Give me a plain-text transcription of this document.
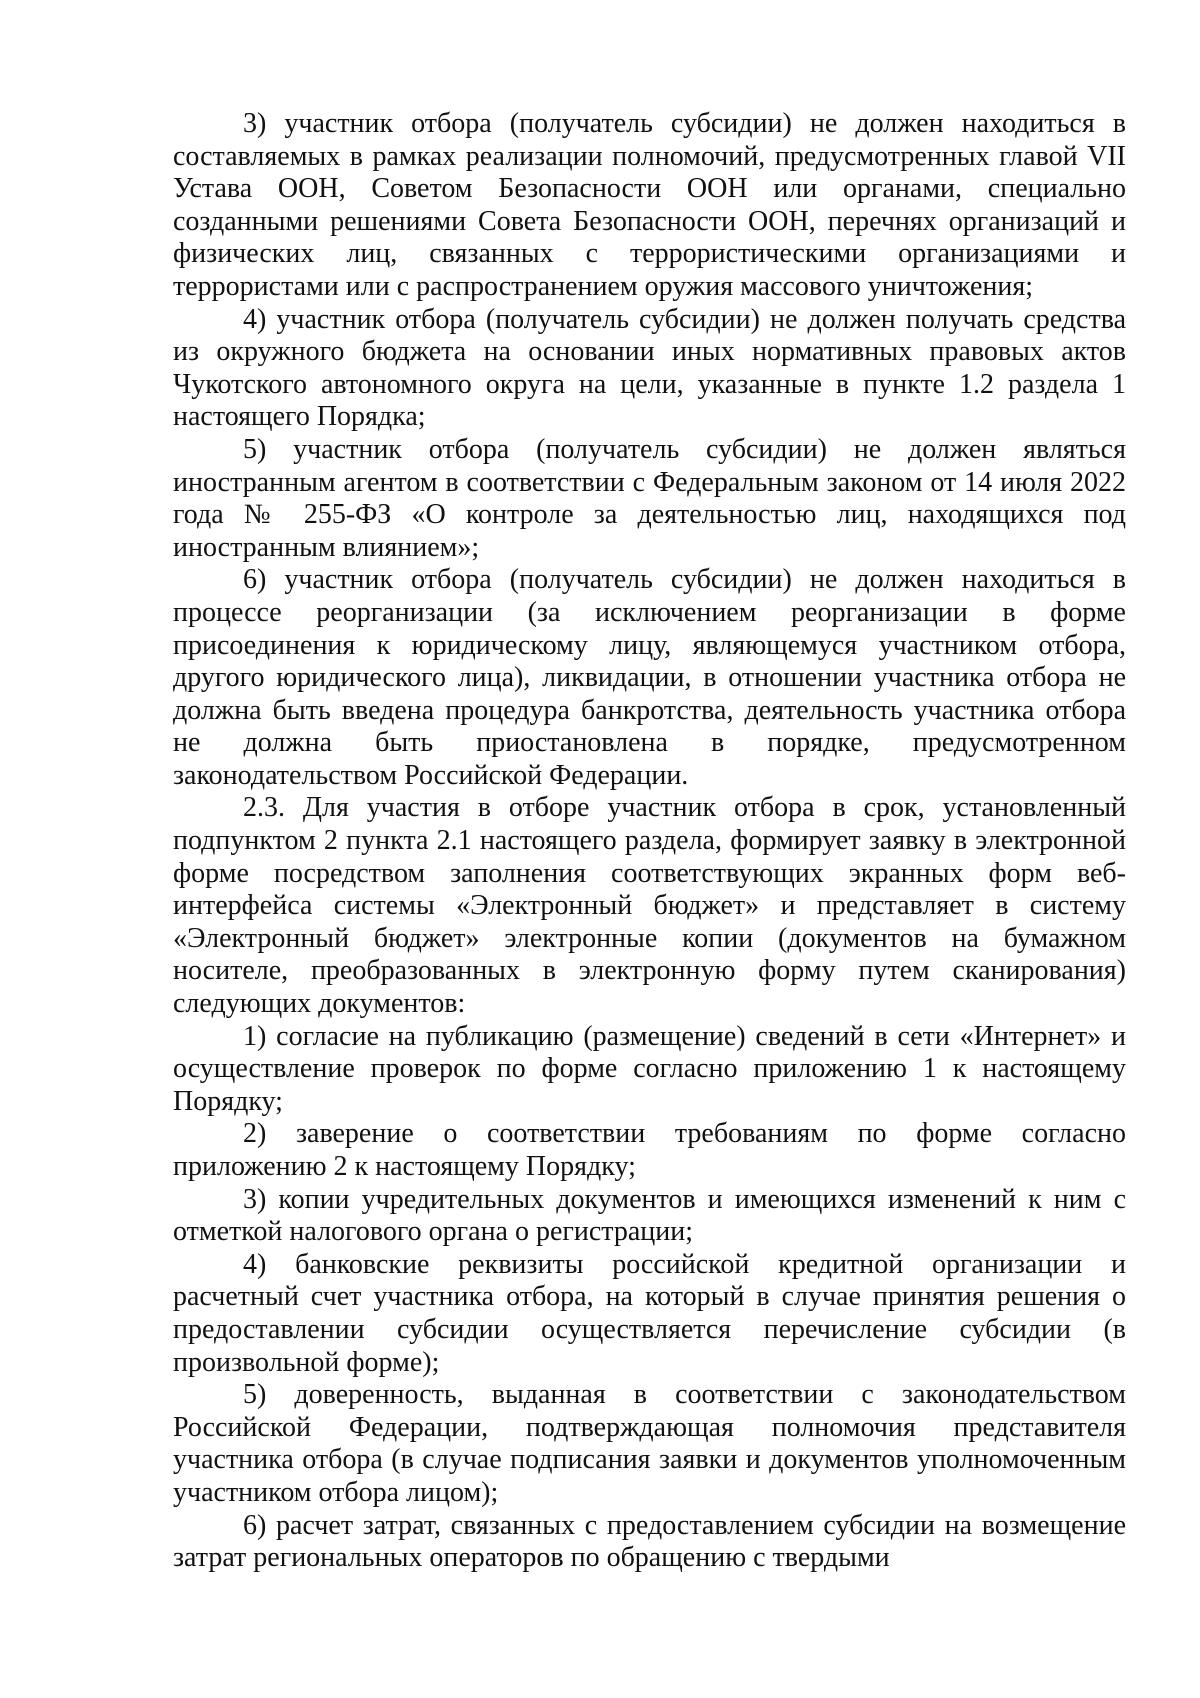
3) участник отбора (получатель субсидии) не должен находиться в составляемых в рамках реализации полномочий, предусмотренных главой VII Устава ООН, Советом Безопасности ООН или органами, специально созданными решениями Совета Безопасности ООН, перечнях организаций и физических лиц, связанных с террористическими организациями и террористами или с распространением оружия массового уничтожения;

4) участник отбора (получатель субсидии) не должен получать средства из окружного бюджета на основании иных нормативных правовых актов Чукотского автономного округа на цели, указанные в пункте 1.2 раздела 1 настоящего Порядка;

5) участник отбора (получатель субсидии) не должен являться иностранным агентом в соответствии с Федеральным законом от 14 июля 2022 года № 255-ФЗ «О контроле за деятельностью лиц, находящихся под иностранным влиянием»;

6) участник отбора (получатель субсидии) не должен находиться в процессе реорганизации (за исключением реорганизации в форме присоединения к юридическому лицу, являющемуся участником отбора, другого юридического лица), ликвидации, в отношении участника отбора не должна быть введена процедура банкротства, деятельность участника отбора не должна быть приостановлена в порядке, предусмотренном законодательством Российской Федерации.

2.3. Для участия в отборе участник отбора в срок, установленный подпунктом 2 пункта 2.1 настоящего раздела, формирует заявку в электронной форме посредством заполнения соответствующих экранных форм веб-интерфейса системы «Электронный бюджет» и представляет в систему «Электронный бюджет» электронные копии (документов на бумажном носителе, преобразованных в электронную форму путем сканирования) следующих документов:

1) согласие на публикацию (размещение) сведений в сети «Интернет» и осуществление проверок по форме согласно приложению 1 к настоящему Порядку;

2) заверение о соответствии требованиям по форме согласно приложению 2 к настоящему Порядку;

3) копии учредительных документов и имеющихся изменений к ним с отметкой налогового органа о регистрации;

4) банковские реквизиты российской кредитной организации и расчетный счет участника отбора, на который в случае принятия решения о предоставлении субсидии осуществляется перечисление субсидии (в произвольной форме);

5) доверенность, выданная в соответствии с законодательством Российской Федерации, подтверждающая полномочия представителя участника отбора (в случае подписания заявки и документов уполномоченным участником отбора лицом);

6) расчет затрат, связанных с предоставлением субсидии на возмещение затрат региональных операторов по обращению с твердыми
